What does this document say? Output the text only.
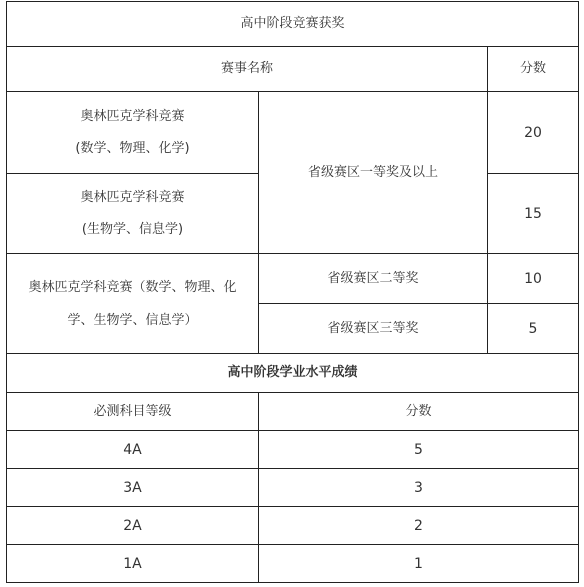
高中阶段竞赛获奖		
赛事名称		分数

奥林匹克学科竞赛
(数学、物理、化学)	省级赛区一等奖及以上	20

奥林匹克学科竞赛
(生物学、信息学)		15
奥林匹克学科竞赛（数学、物理、化学、生物学、信息学）	省级赛区二等奖	10
	省级赛区三等奖	5
高中阶段学业水平成绩		
必测科目等级	分数	
4A	5	
3A	3	
2A	2	
1A	1	
